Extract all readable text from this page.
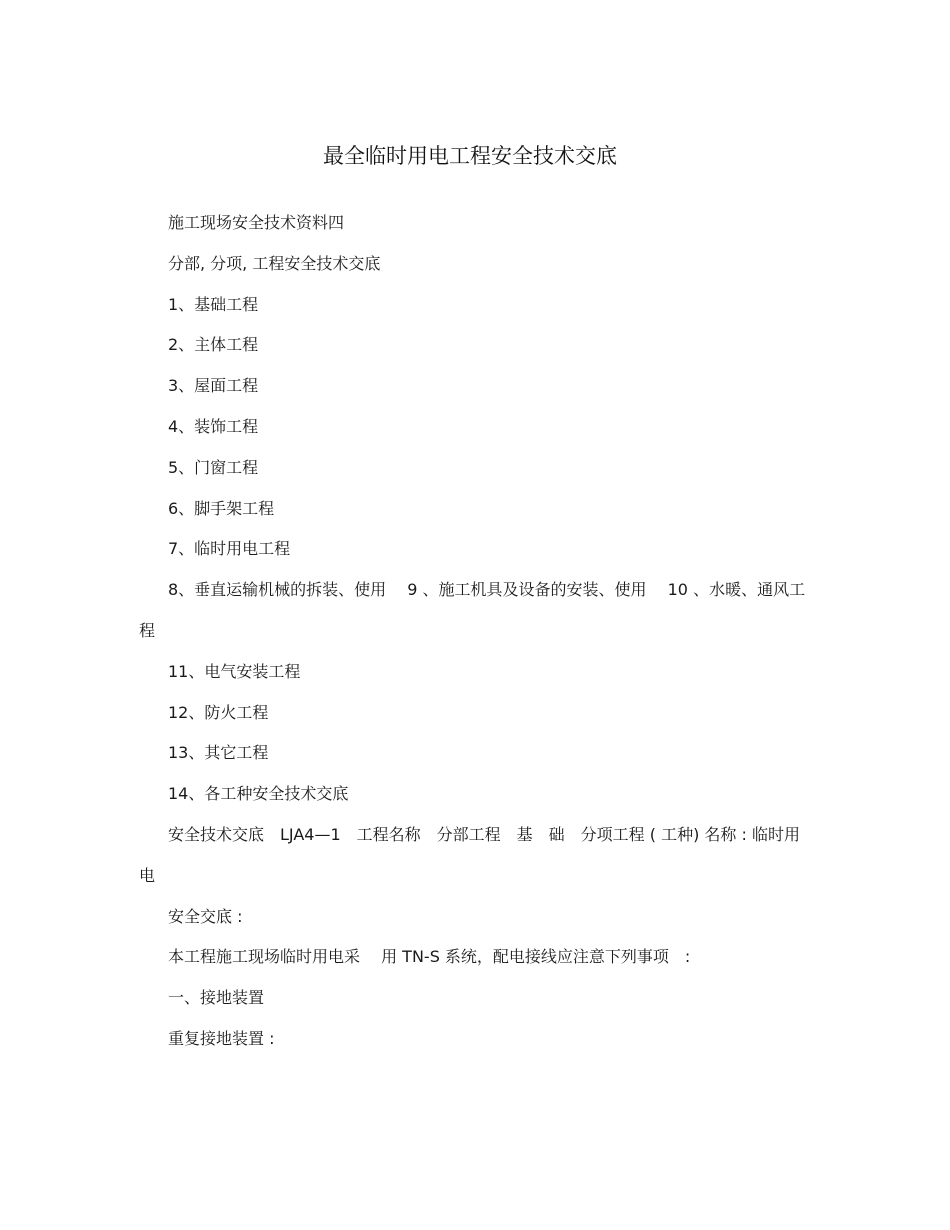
最全临时用电工程安全技术交底

施工现场安全技术资料四

分部, 分项, 工程安全技术交底

1、基础工程

2、主体工程

3、屋面工程

4、装饰工程

5、门窗工程

6、脚手架工程

7、临时用电工程

8、垂直运输机械的拆装、使用　 9 、施工机具及设备的安装、使用　 10 、水暖、通风工程

11、电气安装工程

12、防火工程

13、其它工程

14、各工种安全技术交底

安全技术交底　LJA4—1　工程名称　分部工程　基　础　分项工程 ( 工种) 名称 : 临时用电

安全交底 :

本工程施工现场临时用电采　 用 TN-S 系统，配电接线应注意下列事项　:

一、接地装置

重复接地装置 :
